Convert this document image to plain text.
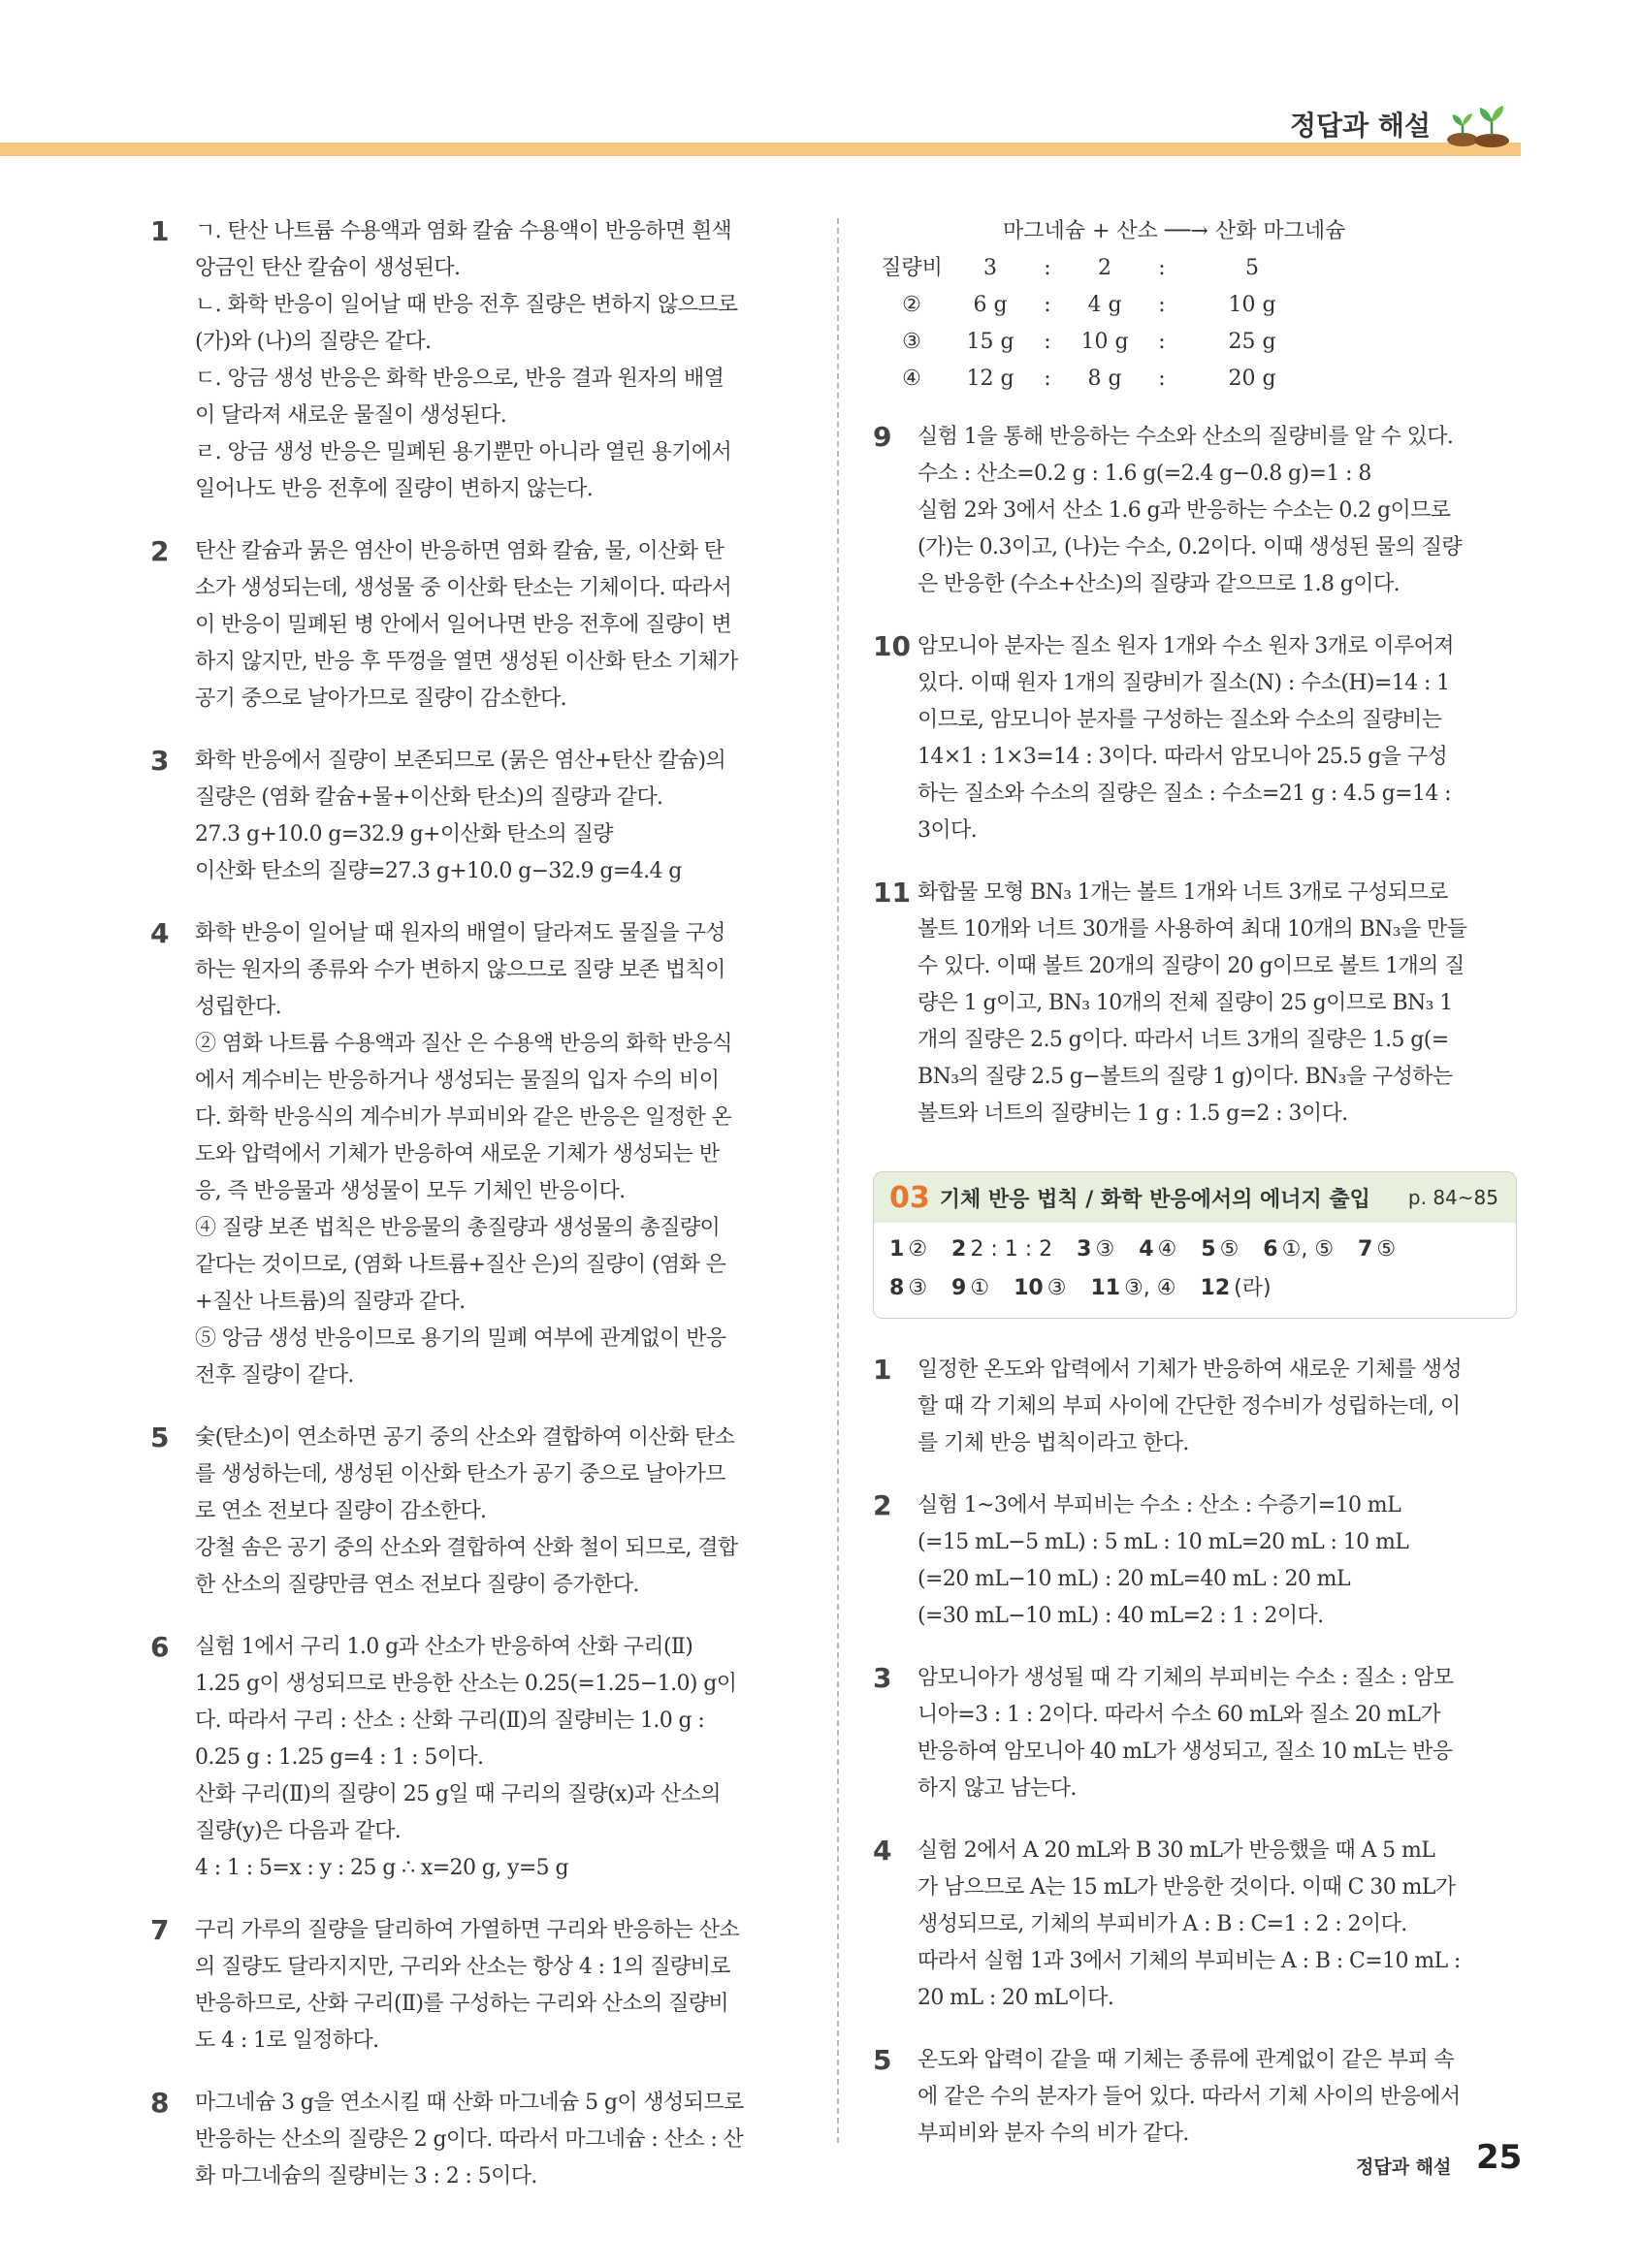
정답과 해설
1 ㄱ. 탄산 나트륨 수용액과 염화 칼슘 수용액이 반응하면 흰색
앙금인 탄산 칼슘이 생성된다.
ㄴ. 화학 반응이 일어날 때 반응 전후 질량은 변하지 않으므로
(가)와 (나)의 질량은 같다.
ㄷ. 앙금 생성 반응은 화학 반응으로, 반응 결과 원자의 배열
이 달라져 새로운 물질이 생성된다.
ㄹ. 앙금 생성 반응은 밀폐된 용기뿐만 아니라 열린 용기에서
일어나도 반응 전후에 질량이 변하지 않는다.
2 탄산 칼슘과 묽은 염산이 반응하면 염화 칼슘, 물, 이산화 탄
소가 생성되는데, 생성물 중 이산화 탄소는 기체이다. 따라서
이 반응이 밀폐된 병 안에서 일어나면 반응 전후에 질량이 변
하지 않지만, 반응 후 뚜껑을 열면 생성된 이산화 탄소 기체가
공기 중으로 날아가므로 질량이 감소한다.
3 화학 반응에서 질량이 보존되므로 (묽은 염산+탄산 칼슘)의
질량은 (염화 칼슘+물+이산화 탄소)의 질량과 같다.
27.3 g+10.0 g=32.9 g+이산화 탄소의 질량
이산화 탄소의 질량=27.3 g+10.0 g−32.9 g=4.4 g
4 화학 반응이 일어날 때 원자의 배열이 달라져도 물질을 구성
하는 원자의 종류와 수가 변하지 않으므로 질량 보존 법칙이
성립한다.
② 염화 나트륨 수용액과 질산 은 수용액 반응의 화학 반응식
에서 계수비는 반응하거나 생성되는 물질의 입자 수의 비이
다. 화학 반응식의 계수비가 부피비와 같은 반응은 일정한 온
도와 압력에서 기체가 반응하여 새로운 기체가 생성되는 반
응, 즉 반응물과 생성물이 모두 기체인 반응이다.
④ 질량 보존 법칙은 반응물의 총질량과 생성물의 총질량이
같다는 것이므로, (염화 나트륨+질산 은)의 질량이 (염화 은
+질산 나트륨)의 질량과 같다.
⑤ 앙금 생성 반응이므로 용기의 밀폐 여부에 관계없이 반응
전후 질량이 같다.
5 숯(탄소)이 연소하면 공기 중의 산소와 결합하여 이산화 탄소
를 생성하는데, 생성된 이산화 탄소가 공기 중으로 날아가므
로 연소 전보다 질량이 감소한다.
강철 솜은 공기 중의 산소와 결합하여 산화 철이 되므로, 결합
한 산소의 질량만큼 연소 전보다 질량이 증가한다.
6 실험 1에서 구리 1.0 g과 산소가 반응하여 산화 구리(Ⅱ)
1.25 g이 생성되므로 반응한 산소는 0.25(=1.25−1.0) g이
다. 따라서 구리 : 산소 : 산화 구리(Ⅱ)의 질량비는 1.0 g :
0.25 g : 1.25 g=4 : 1 : 5이다.
산화 구리(Ⅱ)의 질량이 25 g일 때 구리의 질량(x)과 산소의
질량(y)은 다음과 같다.
4 : 1 : 5=x : y : 25 g ∴ x=20 g, y=5 g
7 구리 가루의 질량을 달리하여 가열하면 구리와 반응하는 산소
의 질량도 달라지지만, 구리와 산소는 항상 4 : 1의 질량비로
반응하므로, 산화 구리(Ⅱ)를 구성하는 구리와 산소의 질량비
도 4 : 1로 일정하다.
8 마그네슘 3 g을 연소시킬 때 산화 마그네슘 5 g이 생성되므로
반응하는 산소의 질량은 2 g이다. 따라서 마그네슘 : 산소 : 산
화 마그네슘의 질량비는 3 : 2 : 5이다.
마그네슘 + 산소 ──→ 산화 마그네슘
질량비	3	:	2	:	5
②	6 g	:	4 g	:	10 g
③	15 g	:	10 g	:	25 g
④	12 g	:	8 g	:	20 g
9 실험 1을 통해 반응하는 수소와 산소의 질량비를 알 수 있다.
수소 : 산소=0.2 g : 1.6 g(=2.4 g−0.8 g)=1 : 8
실험 2와 3에서 산소 1.6 g과 반응하는 수소는 0.2 g이므로
(가)는 0.3이고, (나)는 수소, 0.2이다. 이때 생성된 물의 질량
은 반응한 (수소+산소)의 질량과 같으므로 1.8 g이다.
10 암모니아 분자는 질소 원자 1개와 수소 원자 3개로 이루어져
있다. 이때 원자 1개의 질량비가 질소(N) : 수소(H)=14 : 1
이므로, 암모니아 분자를 구성하는 질소와 수소의 질량비는
14×1 : 1×3=14 : 3이다. 따라서 암모니아 25.5 g을 구성
하는 질소와 수소의 질량은 질소 : 수소=21 g : 4.5 g=14 :
3이다.
11 화합물 모형 BN₃ 1개는 볼트 1개와 너트 3개로 구성되므로
볼트 10개와 너트 30개를 사용하여 최대 10개의 BN₃을 만들
수 있다. 이때 볼트 20개의 질량이 20 g이므로 볼트 1개의 질
량은 1 g이고, BN₃ 10개의 전체 질량이 25 g이므로 BN₃ 1
개의 질량은 2.5 g이다. 따라서 너트 3개의 질량은 1.5 g(=
BN₃의 질량 2.5 g−볼트의 질량 1 g)이다. BN₃을 구성하는
볼트와 너트의 질량비는 1 g : 1.5 g=2 : 3이다.
03 기체 반응 법칙 / 화학 반응에서의 에너지 출입 p. 84~85
1 ② 2 2 : 1 : 2 3 ③ 4 ④ 5 ⑤ 6 ①, ⑤ 7 ⑤
8 ③ 9 ① 10 ③ 11 ③, ④ 12 (라)
1 일정한 온도와 압력에서 기체가 반응하여 새로운 기체를 생성
할 때 각 기체의 부피 사이에 간단한 정수비가 성립하는데, 이
를 기체 반응 법칙이라고 한다.
2 실험 1~3에서 부피비는 수소 : 산소 : 수증기=10 mL
(=15 mL−5 mL) : 5 mL : 10 mL=20 mL : 10 mL
(=20 mL−10 mL) : 20 mL=40 mL : 20 mL
(=30 mL−10 mL) : 40 mL=2 : 1 : 2이다.
3 암모니아가 생성될 때 각 기체의 부피비는 수소 : 질소 : 암모
니아=3 : 1 : 2이다. 따라서 수소 60 mL와 질소 20 mL가
반응하여 암모니아 40 mL가 생성되고, 질소 10 mL는 반응
하지 않고 남는다.
4 실험 2에서 A 20 mL와 B 30 mL가 반응했을 때 A 5 mL
가 남으므로 A는 15 mL가 반응한 것이다. 이때 C 30 mL가
생성되므로, 기체의 부피비가 A : B : C=1 : 2 : 2이다.
따라서 실험 1과 3에서 기체의 부피비는 A : B : C=10 mL :
20 mL : 20 mL이다.
5 온도와 압력이 같을 때 기체는 종류에 관계없이 같은 부피 속
에 같은 수의 분자가 들어 있다. 따라서 기체 사이의 반응에서
부피비와 분자 수의 비가 같다.
정답과 해설 25
